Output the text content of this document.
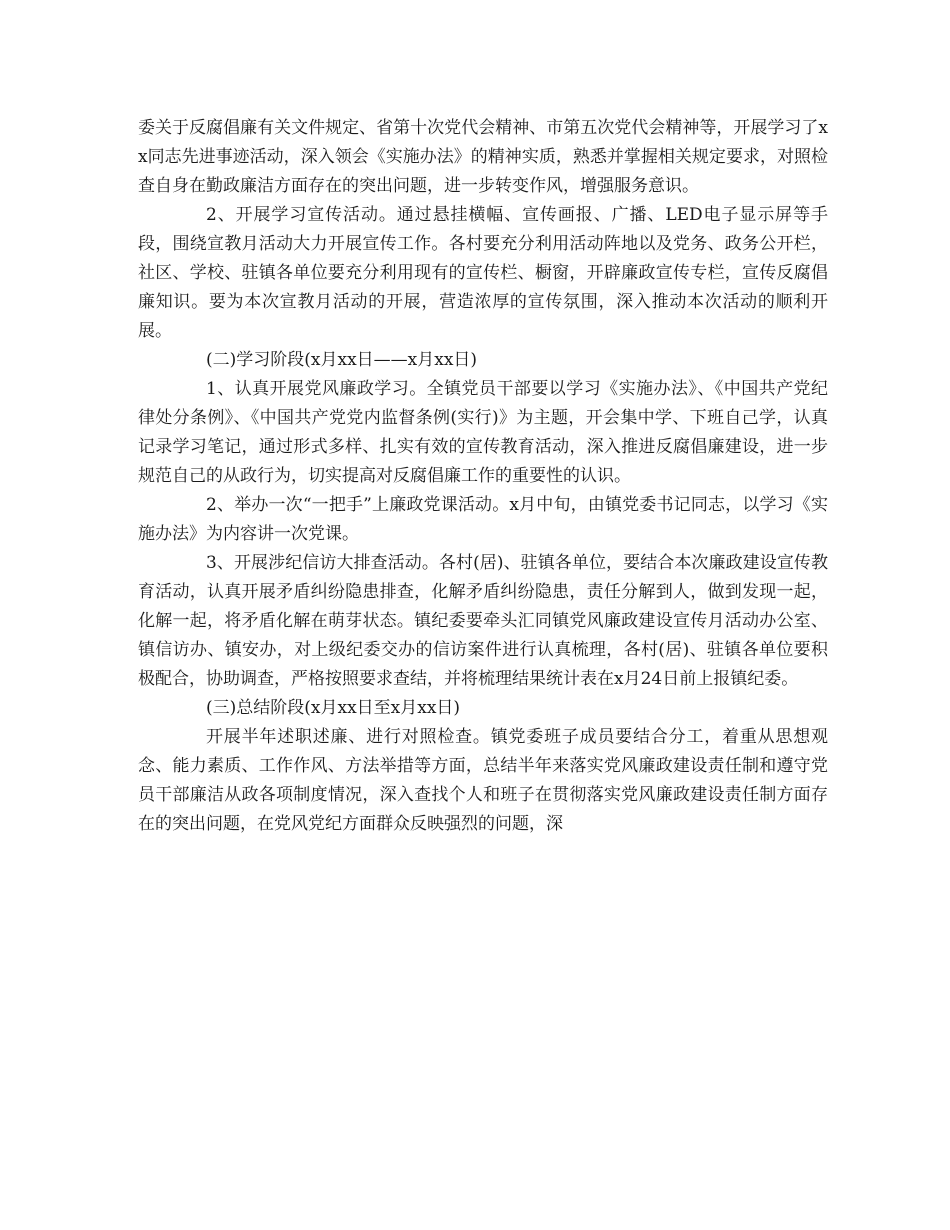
委关于反腐倡廉有关文件规定、省第十次党代会精神、市第五次党代会精神等，开展学习了xx同志先进事迹活动，深入领会《实施办法》的精神实质，熟悉并掌握相关规定要求，对照检查自身在勤政廉洁方面存在的突出问题，进一步转变作风，增强服务意识。

2、开展学习宣传活动。通过悬挂横幅、宣传画报、广播、LED电子显示屏等手段，围绕宣教月活动大力开展宣传工作。各村要充分利用活动阵地以及党务、政务公开栏，社区、学校、驻镇各单位要充分利用现有的宣传栏、橱窗，开辟廉政宣传专栏，宣传反腐倡廉知识。要为本次宣教月活动的开展，营造浓厚的宣传氛围，深入推动本次活动的顺利开展。

(二)学习阶段(x月xx日——x月xx日)

1、认真开展党风廉政学习。全镇党员干部要以学习《实施办法》、《中国共产党纪律处分条例》、《中国共产党党内监督条例(实行)》为主题，开会集中学、下班自己学，认真记录学习笔记，通过形式多样、扎实有效的宣传教育活动，深入推进反腐倡廉建设，进一步规范自己的从政行为，切实提高对反腐倡廉工作的重要性的认识。

2、举办一次“一把手”上廉政党课活动。x月中旬，由镇党委书记同志，以学习《实施办法》为内容讲一次党课。

3、开展涉纪信访大排查活动。各村(居)、驻镇各单位，要结合本次廉政建设宣传教育活动，认真开展矛盾纠纷隐患排查，化解矛盾纠纷隐患，责任分解到人，做到发现一起，化解一起，将矛盾化解在萌芽状态。镇纪委要牵头汇同镇党风廉政建设宣传月活动办公室、镇信访办、镇安办，对上级纪委交办的信访案件进行认真梳理，各村(居)、驻镇各单位要积极配合，协助调查，严格按照要求查结，并将梳理结果统计表在x月24日前上报镇纪委。

(三)总结阶段(x月xx日至x月xx日)

开展半年述职述廉、进行对照检查。镇党委班子成员要结合分工，着重从思想观念、能力素质、工作作风、方法举措等方面，总结半年来落实党风廉政建设责任制和遵守党员干部廉洁从政各项制度情况，深入查找个人和班子在贯彻落实党风廉政建设责任制方面存在的突出问题，在党风党纪方面群众反映强烈的问题，深
